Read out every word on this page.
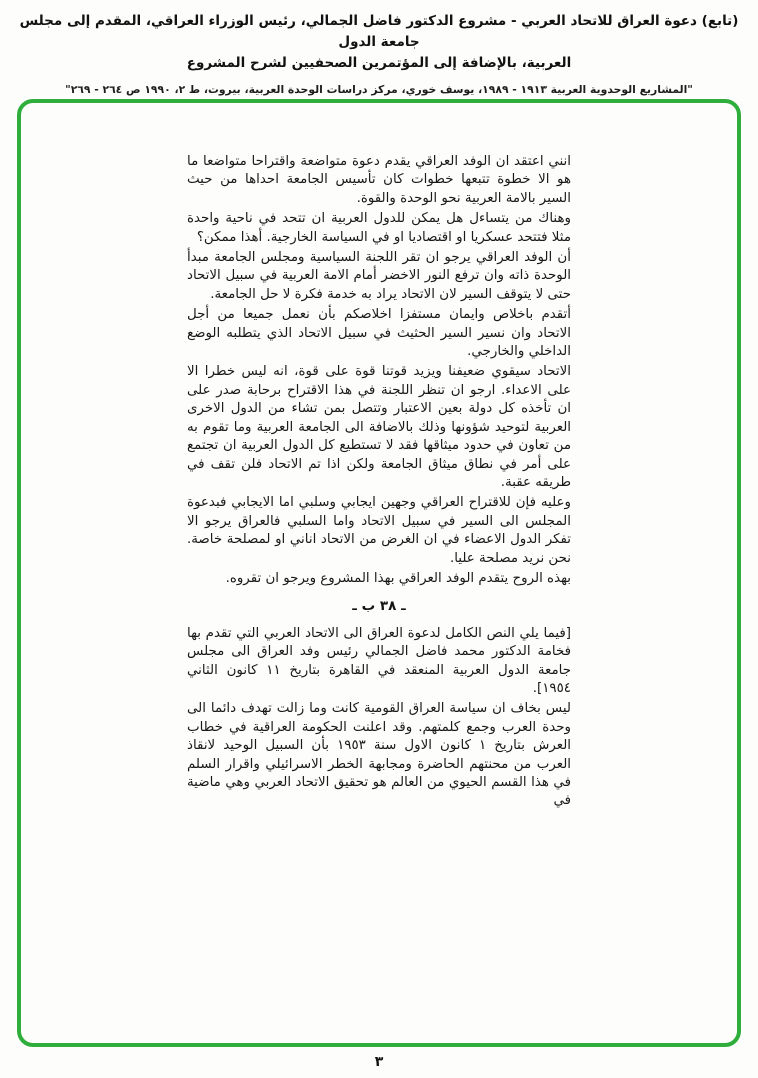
(تابع) دعوة العراق للاتحاد العربي - مشروع الدكتور فاضل الجمالي، رئيس الوزراء العراقي، المقدم إلى مجلس جامعة الدول
العربية، بالإضافة إلى المؤتمرين الصحفيين لشرح المشروع
"المشاريع الوحدوية العربية ١٩١٣ - ١٩٨٩، يوسف خوري، مركز دراسات الوحدة العربية، بيروت، ط ٢، ١٩٩٠ ص ٢٦٤ - ٢٦٩"

انني اعتقد ان الوفد العراقي يقدم دعوة متواضعة واقتراحا متواضعا ما هو الا خطوة تتبعها خطوات كان تأسيس الجامعة احداها من حيث السير بالامة العربية نحو الوحدة والقوة.

وهناك من يتساءل هل يمكن للدول العربية ان تتحد في ناحية واحدة مثلا فتتحد عسكريا او اقتصاديا او في السياسة الخارجية. أهذا ممكن؟

أن الوفد العراقي يرجو ان تقر اللجنة السياسية ومجلس الجامعة مبدأ الوحدة ذاته وان ترفع النور الاخضر أمام الامة العربية في سبيل الاتحاد حتى لا يتوقف السير لان الاتحاد يراد به خدمة فكرة لا حل الجامعة.

أتقدم باخلاص وايمان مستفزا اخلاصكم بأن نعمل جميعا من أجل الاتحاد وان نسير السير الحثيث في سبيل الاتحاد الذي يتطلبه الوضع الداخلي والخارجي.

الاتحاد سيقوي ضعيفنا ويزيد قوتنا قوة على قوة، انه ليس خطرا الا على الاعداء. ارجو ان تنظر اللجنة في هذا الاقتراح برحابة صدر على ان تأخذه كل دولة بعين الاعتبار وتتصل بمن تشاء من الدول الاخرى العربية لتوحيد شؤونها وذلك بالاضافة الى الجامعة العربية وما تقوم به من تعاون في حدود ميثاقها فقد لا تستطيع كل الدول العربية ان تجتمع على أمر في نطاق ميثاق الجامعة ولكن اذا تم الاتحاد فلن تقف في طريقه عقبة.

وعليه فإن للاقتراح العراقي وجهين ايجابي وسلبي اما الايجابي فبدعوة المجلس الى السير في سبيل الاتحاد واما السلبي فالعراق يرجو الا تفكر الدول الاعضاء في ان الغرض من الاتحاد اناني او لمصلحة خاصة. نحن نريد مصلحة عليا.

بهذه الروح يتقدم الوفد العراقي بهذا المشروع ويرجو ان تقروه.

ـ ٣٨ ب ـ

[فيما يلي النص الكامل لدعوة العراق الى الاتحاد العربي التي تقدم بها فخامة الدكتور محمد فاضل الجمالي رئيس وفد العراق الى مجلس جامعة الدول العربية المنعقد في القاهرة بتاريخ ١١ كانون الثاني ١٩٥٤].

ليس بخاف ان سياسة العراق القومية كانت وما زالت تهدف دائما الى وحدة العرب وجمع كلمتهم. وقد اعلنت الحكومة العراقية في خطاب العرش بتاريخ ١ كانون الاول سنة ١٩٥٣ بأن السبيل الوحيد لانقاذ العرب من محنتهم الحاضرة ومجابهة الخطر الاسرائيلي واقرار السلم في هذا القسم الحيوي من العالم هو تحقيق الاتحاد العربي وهي ماضية في

٣
